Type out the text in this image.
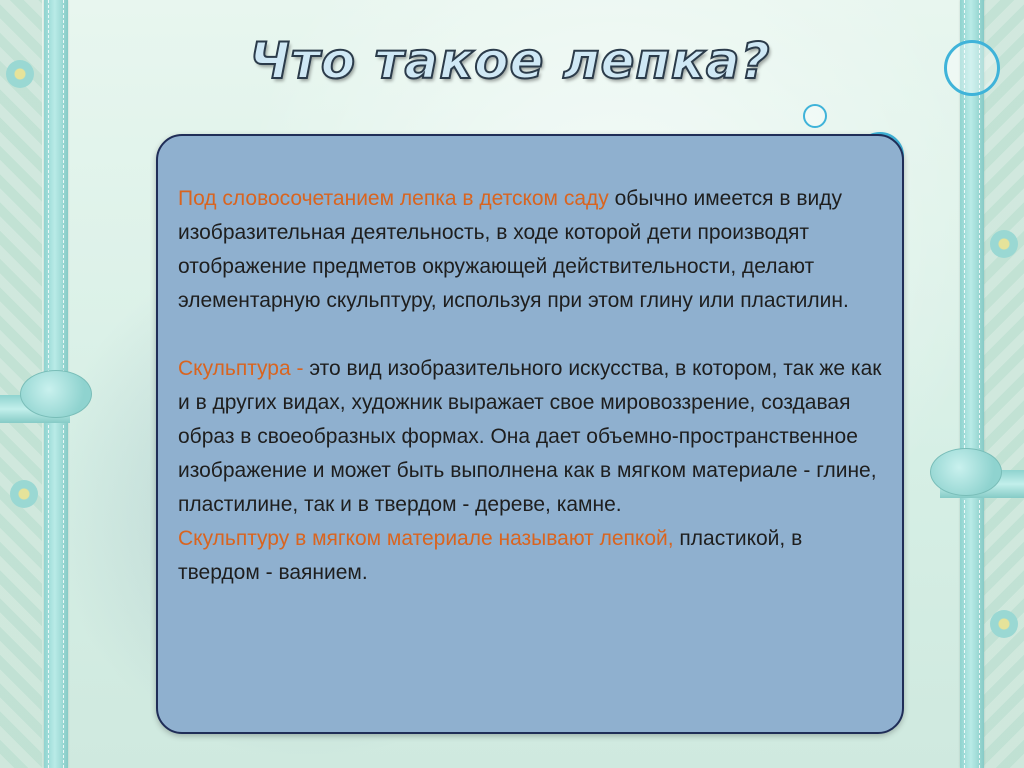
Что такое лепка?

Под словосочетанием лепка в детском саду обычно имеется в виду изобразительная деятельность, в ходе которой дети производят отображение предметов окружающей действительности, делают элементарную скульптуру, используя при этом глину или пластилин.

Скульптура - это вид изобразительного искусства, в котором, так же как и в других видах, художник выражает свое мировоззрение, создавая образ в своеобразных формах. Она дает объемно-пространственное изображение и может быть выполнена как в мягком материале - глине, пластилине, так и в твердом - дереве, камне.

Скульптуру в мягком материале называют лепкой, пластикой, в твердом - ваянием.
